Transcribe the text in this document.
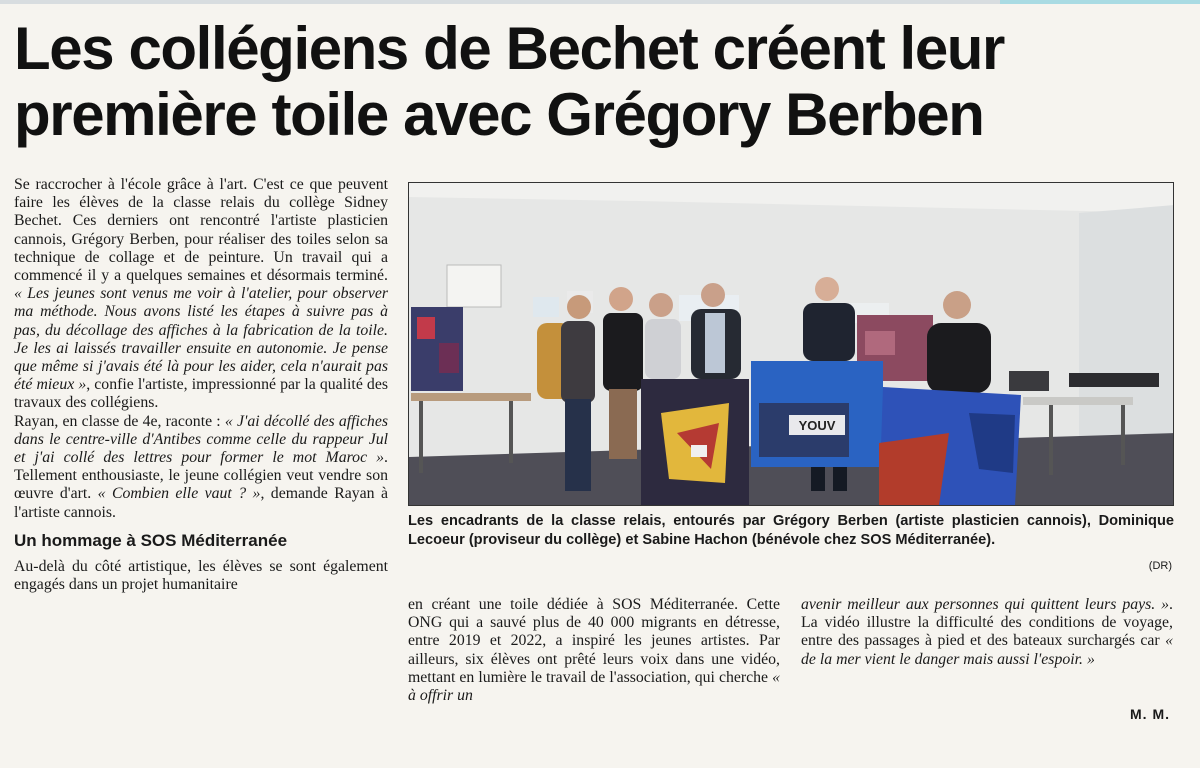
Les collégiens de Bechet créent leur
première toile avec Grégory Berben

Se raccrocher à l'école grâce à l'art. C'est ce que peuvent faire les élèves de la classe relais du collège Sidney Bechet. Ces derniers ont rencontré l'artiste plasticien cannois, Grégory Berben, pour réaliser des toiles selon sa technique de collage et de peinture. Un travail qui a commencé il y a quelques semaines et désormais terminé. « Les jeunes sont venus me voir à l'atelier, pour observer ma méthode. Nous avons listé les étapes à suivre pas à pas, du décollage des affiches à la fabrication de la toile. Je les ai laissés travailler ensuite en autonomie. Je pense que même si j'avais été là pour les aider, cela n'aurait pas été mieux », confie l'artiste, impressionné par la qualité des travaux des collégiens.

Rayan, en classe de 4e, raconte : « J'ai décollé des affiches dans le centre-ville d'Antibes comme celle du rappeur Jul et j'ai collé des lettres pour former le mot Maroc ». Tellement enthousiaste, le jeune collégien veut vendre son œuvre d'art. « Combien elle vaut ? », demande Rayan à l'artiste cannois.

Un hommage à SOS Méditerranée

Au-delà du côté artistique, les élèves se sont également engagés dans un projet humanitaire

YOUV
Les encadrants de la classe relais, entourés par Grégory Berben (artiste plasticien cannois), Dominique Lecoeur (proviseur du collège) et Sabine Hachon (bénévole chez SOS Méditerranée).
(DR)

en créant une toile dédiée à SOS Méditerranée. Cette ONG qui a sauvé plus de 40 000 migrants en détresse, entre 2019 et 2022, a inspiré les jeunes artistes. Par ailleurs, six élèves ont prêté leurs voix dans une vidéo, mettant en lumière le travail de l'association, qui cherche « à offrir un

avenir meilleur aux personnes qui quittent leurs pays. ». La vidéo illustre la difficulté des conditions de voyage, entre des passages à pied et des bateaux surchargés car « de la mer vient le danger mais aussi l'espoir. »

M. M.
